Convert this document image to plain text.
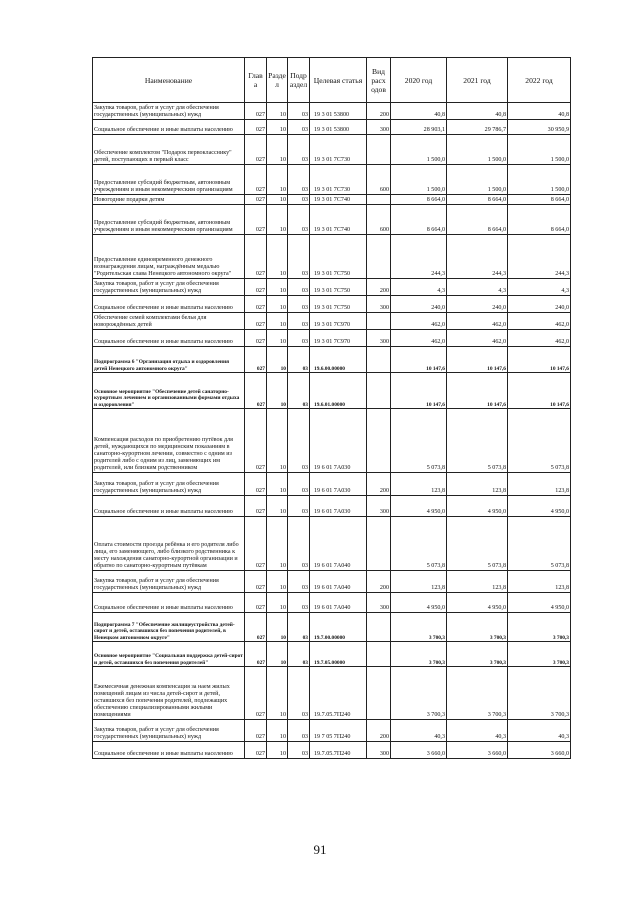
Наименование	Глав а	Разде л	Подр аздел	Целевая статья	Вид расх одов	2020 год	2021 год	2022 год
Закупка товаров, работ и услуг для обеспечения государственных (муниципальных) нужд	027	10	03	19 3 01 53800	200	40,8	40,8	40,8
Социальное обеспечение и иные выплаты населению	027	10	03	19 3 01 53800	300	28 903,1	29 786,7	30 950,9
Обеспечение комплектом "Подарок первокласснику" детей, поступающих в первый класс	027	10	03	19 3 01 7С730		1 500,0	1 500,0	1 500,0
Предоставление субсидий бюджетным, автономным учреждениям и иным некоммерческим организациям	027	10	03	19 3 01 7С730	600	1 500,0	1 500,0	1 500,0
Новогодние подарки детям	027	10	03	19 3 01 7С740		8 664,0	8 664,0	8 664,0
Предоставление субсидий бюджетным, автономным учреждениям и иным некоммерческим организациям	027	10	03	19 3 01 7С740	600	8 664,0	8 664,0	8 664,0
Предоставление единовременного денежного вознаграждения лицам, награждённым медалью "Родительская слава Ненецкого автономного округа"	027	10	03	19 3 01 7С750		244,3	244,3	244,3
Закупка товаров, работ и услуг для обеспечения государственных (муниципальных) нужд	027	10	03	19 3 01 7С750	200	4,3	4,3	4,3
Социальное обеспечение и иные выплаты населению	027	10	03	19 3 01 7С750	300	240,0	240,0	240,0
Обеспечение семей комплектами белья для новорождённых детей	027	10	03	19 3 01 7С970		462,0	462,0	462,0
Социальное обеспечение и иные выплаты населению	027	10	03	19 3 01 7С970	300	462,0	462,0	462,0
Подпрограмма 6 "Организация отдыха и оздоровления детей Ненецкого автономного округа"	027	10	03	19.6.00.00000		10 147,6	10 147,6	10 147,6
Основное мероприятие "Обеспечение детей санаторно-курортным лечением и организованными формами отдыха и оздоровления"	027	10	03	19.6.01.00000		10 147,6	10 147,6	10 147,6
Компенсация расходов по приобретению путёвок для детей, нуждающихся по медицинским показаниям в санаторно-курортном лечении, совместно с одним из родителей либо с одним из лиц, заменяющих им родителей, или близким родственником	027	10	03	19 6 01 7А030		5 073,8	5 073,8	5 073,8
Закупка товаров, работ и услуг для обеспечения государственных (муниципальных) нужд	027	10	03	19 6 01 7А030	200	123,8	123,8	123,8
Социальное обеспечение и иные выплаты населению	027	10	03	19 6 01 7А030	300	4 950,0	4 950,0	4 950,0
Оплата стоимости проезда ребёнка и его родителя либо лица, его заменяющего, либо близкого родственника к месту нахождения санаторно-курортной организации и обратно по санаторно-курортным путёвкам	027	10	03	19 6 01 7А040		5 073,8	5 073,8	5 073,8
Закупка товаров, работ и услуг для обеспечения государственных (муниципальных) нужд	027	10	03	19 6 01 7А040	200	123,8	123,8	123,8
Социальное обеспечение и иные выплаты населению	027	10	03	19 6 01 7А040	300	4 950,0	4 950,0	4 950,0
Подпрограмма 7 "Обеспечение жилищеустройства детей-сирот и детей, оставшихся без попечения родителей, в Ненецком автономном округе"	027	10	03	19.7.00.00000		3 700,3	3 700,3	3 700,3
Основное мероприятие "Социальная поддержка детей-сирот и детей, оставшихся без попечения родителей"	027	10	03	19.7.05.00000		3 700,3	3 700,3	3 700,3
Ежемесячная денежная компенсация за наем жилых помещений лицам из числа детей-сирот и детей, оставшихся без попечения родителей, подлежащих обеспечению специализированными жилыми помещениями	027	10	03	19.7.05.7П240		3 700,3	3 700,3	3 700,3
Закупка товаров, работ и услуг для обеспечения государственных (муниципальных) нужд	027	10	03	19 7 05 7П240	200	40,3	40,3	40,3
Социальное обеспечение и иные выплаты населению	027	10	03	19.7.05.7П240	300	3 660,0	3 660,0	3 660,0
91
